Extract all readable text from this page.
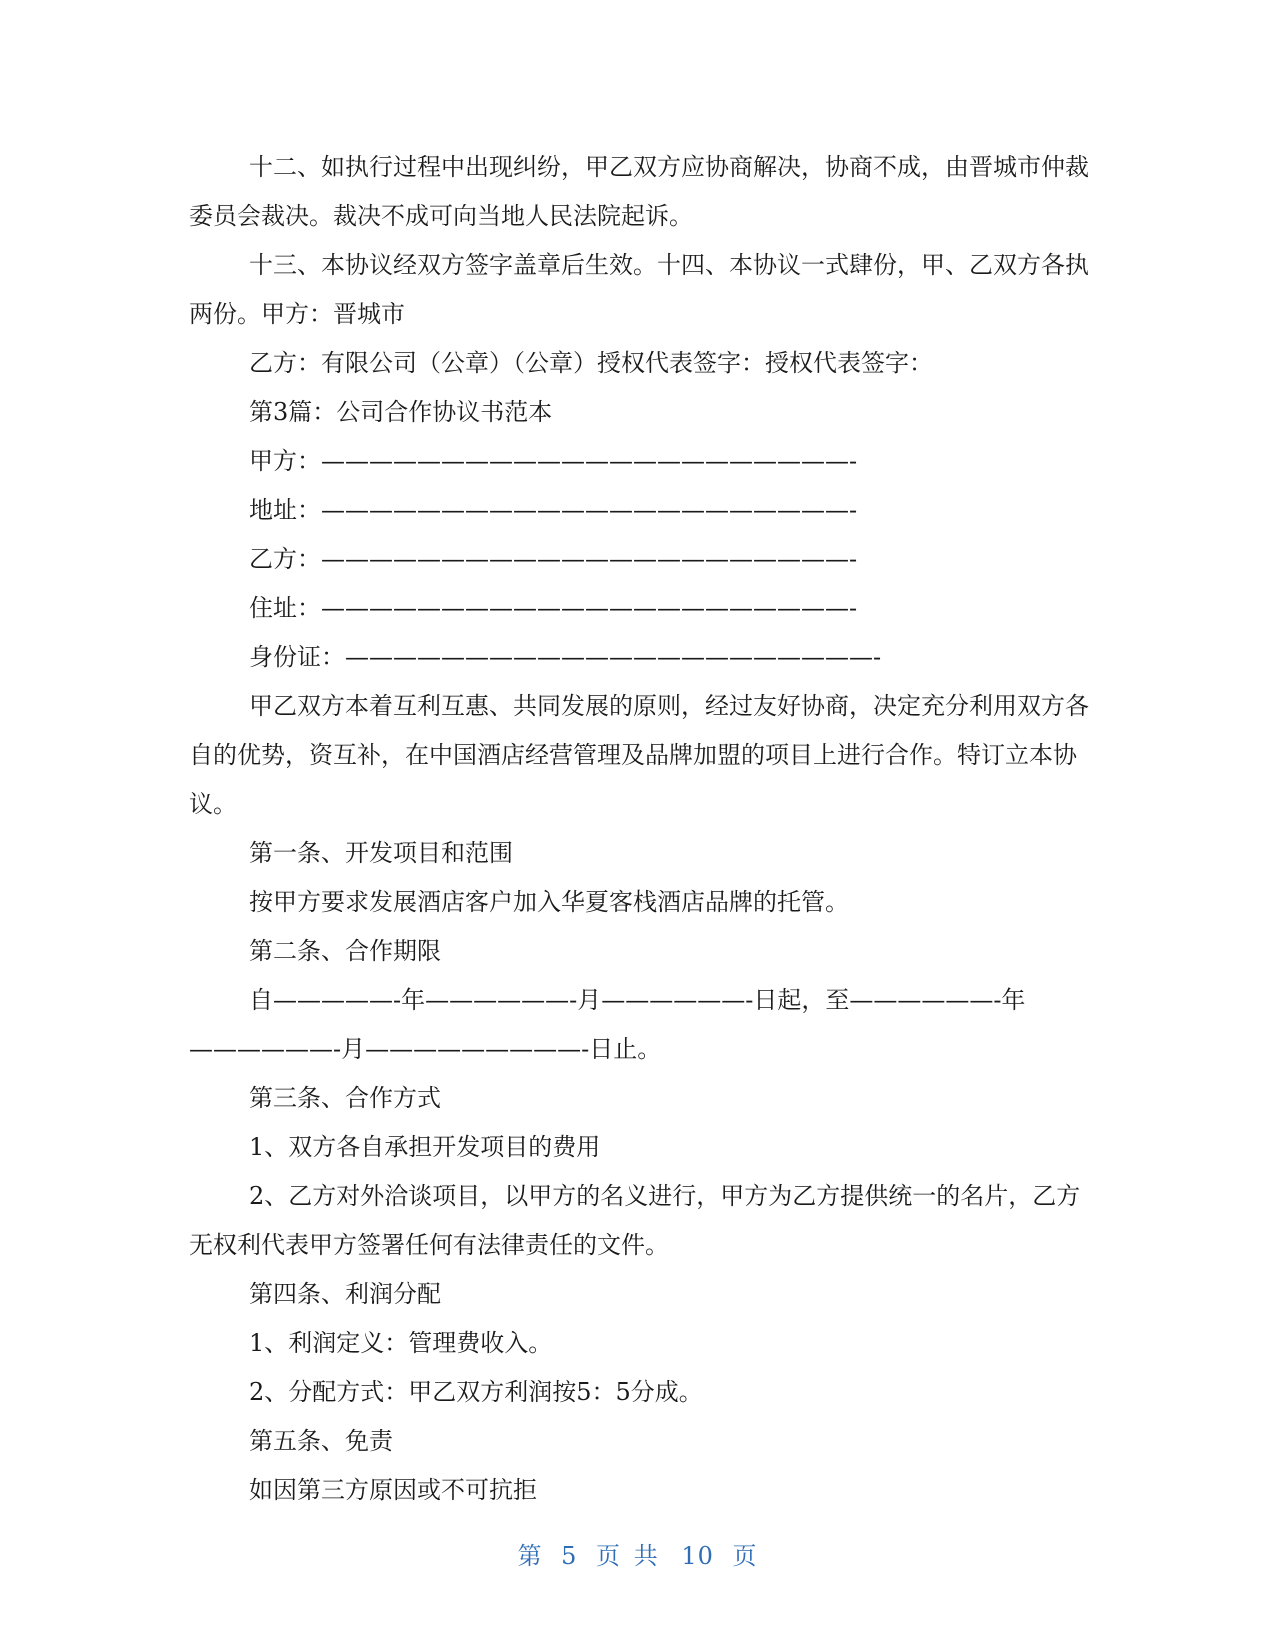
十二、如执行过程中出现纠纷，甲乙双方应协商解决，协商不成，由晋城市仲裁委员会裁决。裁决不成可向当地人民法院起诉。

十三、本协议经双方签字盖章后生效。十四、本协议一式肆份，甲、乙双方各执两份。甲方：晋城市

乙方：有限公司（公章）（公章）授权代表签字：授权代表签字：

第3篇：公司合作协议书范本

甲方：——————————————————————-

地址：——————————————————————-

乙方：——————————————————————-

住址：——————————————————————-

身份证：——————————————————————-

甲乙双方本着互利互惠、共同发展的原则，经过友好协商，决定充分利用双方各自的优势，资互补，在中国酒店经营管理及品牌加盟的项目上进行合作。特订立本协议。

第一条、开发项目和范围

按甲方要求发展酒店客户加入华夏客栈酒店品牌的托管。

第二条、合作期限

自—————-年——————-月——————-日起，至——————-年——————-月—————————-日止。

第三条、合作方式

1、双方各自承担开发项目的费用

2、乙方对外洽谈项目，以甲方的名义进行，甲方为乙方提供统一的名片，乙方无权利代表甲方签署任何有法律责任的文件。

第四条、利润分配

1、利润定义：管理费收入。

2、分配方式：甲乙双方利润按5：5分成。

第五条、免责

如因第三方原因或不可抗拒

第 5 页 共 10 页
